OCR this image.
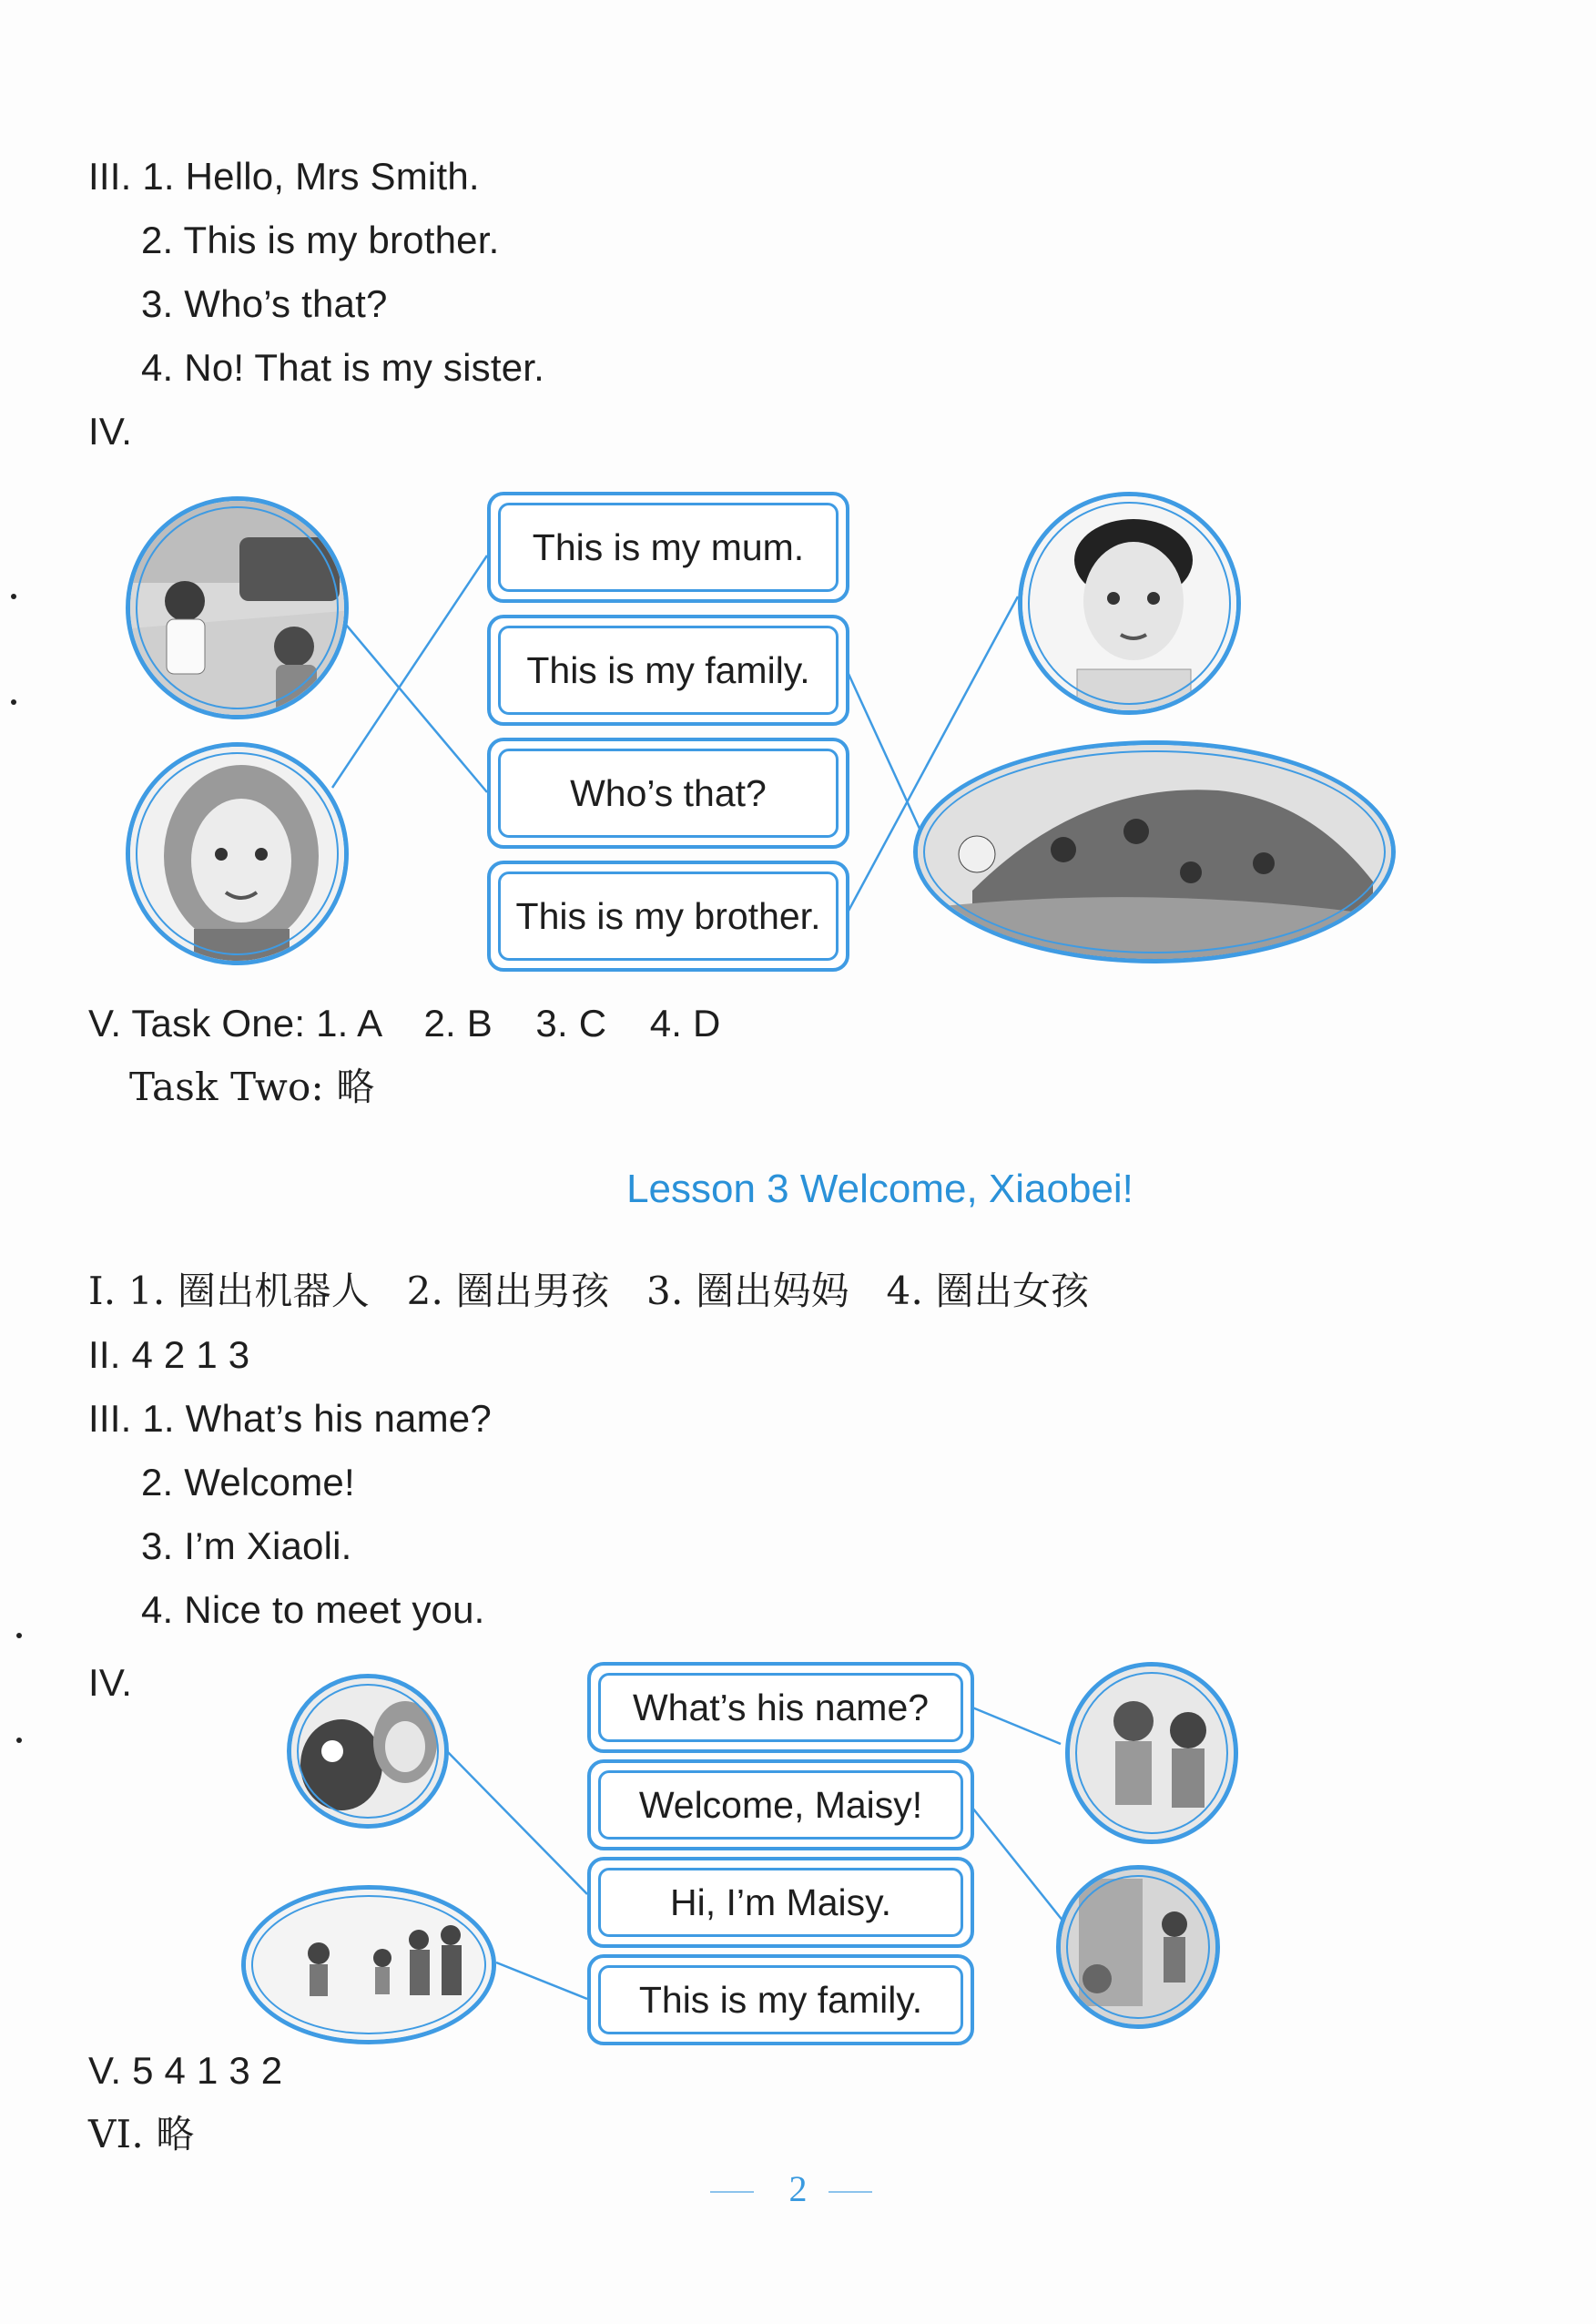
III. 1. Hello, Mrs Smith.
2. This is my brother.
3. Who’s that?
4. No! That is my sister.
IV.
This is my mum.
This is my family.
Who’s that?
This is my brother.
V. Task One: 1. A    2. B    3. C    4. D
Task Two: 略
Lesson 3 Welcome, Xiaobei!
I. 1. 圈出机器人   2. 圈出男孩   3. 圈出妈妈   4. 圈出女孩
II. 4 2 1 3
III. 1. What’s his name?
2. Welcome!
3. I’m Xiaoli.
4. Nice to meet you.
IV.
What’s his name?
Welcome, Maisy!
Hi, I’m Maisy.
This is my family.
V. 5 4 1 3 2
VI. 略
2
